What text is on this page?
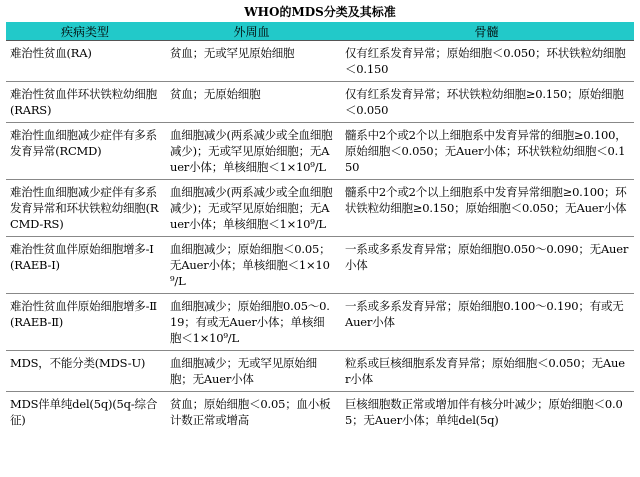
WHO的MDS分类及其标准
疾病类型	外周血	骨髓
难治性贫血(RA)	贫血；无或罕见原始细胞	仅有红系发育异常；原始细胞＜0.050；环状铁粒幼细胞＜0.150
难治性贫血伴环状铁粒幼细胞(RARS)	贫血；无原始细胞	仅有红系发育异常；环状铁粒幼细胞≥0.150；原始细胞＜0.050
难治性血细胞减少症伴有多系发育异常(RCMD)	血细胞减少(两系减少或全血细胞减少)；无或罕见原始细胞；无Auer小体；单核细胞＜1×10⁹/L	髓系中2个或2个以上细胞系中发育异常的细胞≥0.100，原始细胞＜0.050；无Auer小体；环状铁粒幼细胞＜0.150
难治性血细胞减少症伴有多系发育异常和环状铁粒幼细胞(RCMD-RS)	血细胞减少(两系减少或全血细胞减少)；无或罕见原始细胞；无Auer小体；单核细胞＜1×10⁹/L	髓系中2个或2个以上细胞系中发育异常细胞≥0.100；环状铁粒幼细胞≥0.150；原始细胞＜0.050；无Auer小体
难治性贫血伴原始细胞增多-Ⅰ(RAEB-Ⅰ)	血细胞减少；原始细胞＜0.05；无Auer小体；单核细胞＜1×10⁹/L	一系或多系发育异常；原始细胞0.050～0.090；无Auer小体
难治性贫血伴原始细胞增多-Ⅱ(RAEB-Ⅱ)	血细胞减少；原始细胞0.05～0.19；有或无Auer小体；单核细胞＜1×10⁹/L	一系或多系发育异常；原始细胞0.100～0.190；有或无Auer小体
MDS，不能分类(MDS-U)	血细胞减少；无或罕见原始细胞；无Auer小体	粒系或巨核细胞系发育异常；原始细胞＜0.050；无Auer小体
MDS伴单纯del(5q)(5q-综合征)	贫血；原始细胞＜0.05；血小板计数正常或增高	巨核细胞数正常或增加伴有核分叶减少；原始细胞＜0.05；无Auer小体；单纯del(5q)
